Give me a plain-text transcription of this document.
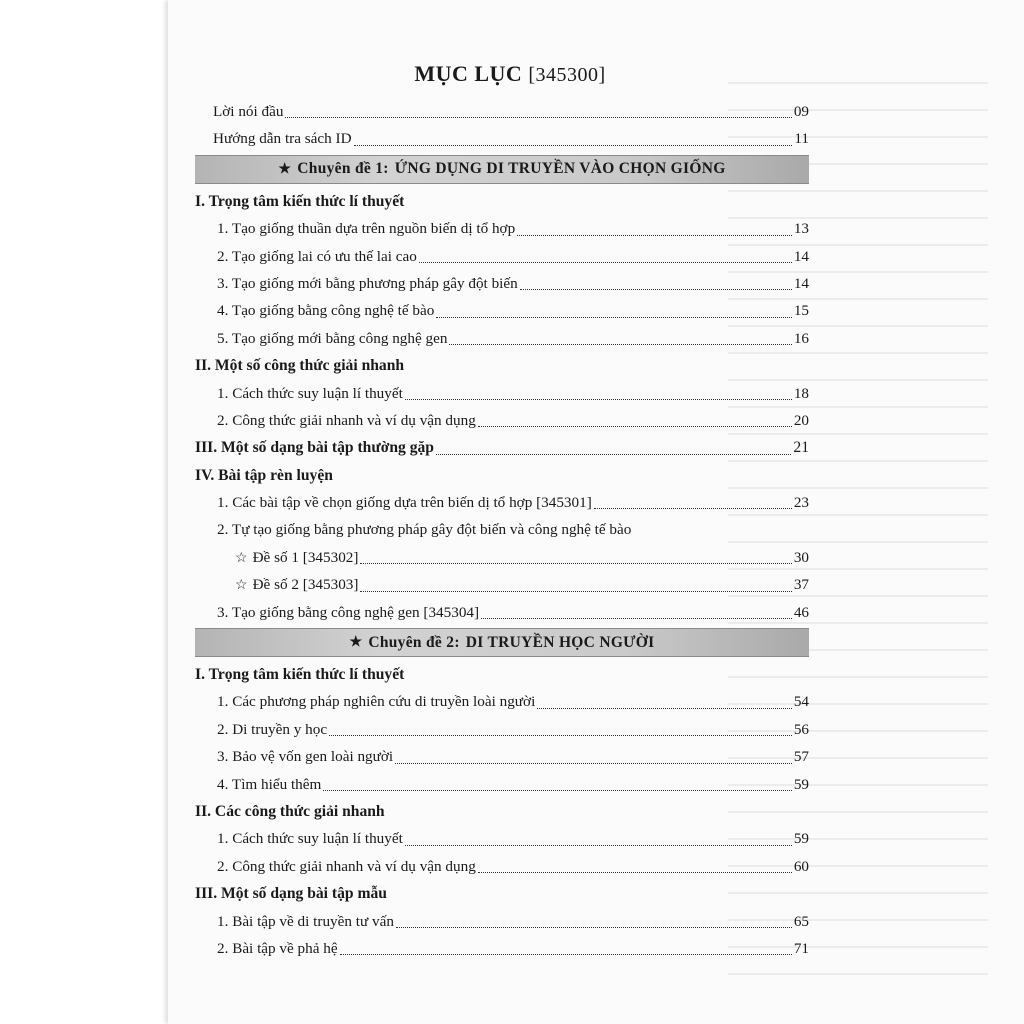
MỤC LỤC [345300]
Lời nói đầu	09
Hướng dẫn tra sách ID	11
★ Chuyên đề 1: ỨNG DỤNG DI TRUYỀN VÀO CHỌN GIỐNG
I. Trọng tâm kiến thức lí thuyết
1. Tạo giống thuần dựa trên nguồn biến dị tổ hợp	13
2. Tạo giống lai có ưu thế lai cao	14
3. Tạo giống mới bằng phương pháp gây đột biến	14
4. Tạo giống bằng công nghệ tế bào	15
5. Tạo giống mới bằng công nghệ gen	16
II. Một số công thức giải nhanh
1. Cách thức suy luận lí thuyết	18
2. Công thức giải nhanh và ví dụ vận dụng	20
III. Một số dạng bài tập thường gặp	21
IV. Bài tập rèn luyện
1. Các bài tập về chọn giống dựa trên biến dị tổ hợp [345301]	23
2. Tự tạo giống bằng phương pháp gây đột biến và công nghệ tế bào
☆ Đề số 1 [345302]	30
☆ Đề số 2 [345303]	37
3. Tạo giống bằng công nghệ gen [345304]	46
★ Chuyên đề 2: DI TRUYỀN HỌC NGƯỜI
I. Trọng tâm kiến thức lí thuyết
1. Các phương pháp nghiên cứu di truyền loài người	54
2. Di truyền y học	56
3. Bảo vệ vốn gen loài người	57
4. Tìm hiểu thêm	59
II. Các công thức giải nhanh
1. Cách thức suy luận lí thuyết	59
2. Công thức giải nhanh và ví dụ vận dụng	60
III. Một số dạng bài tập mẫu
1. Bài tập về di truyền tư vấn	65
2. Bài tập về phả hệ	71
